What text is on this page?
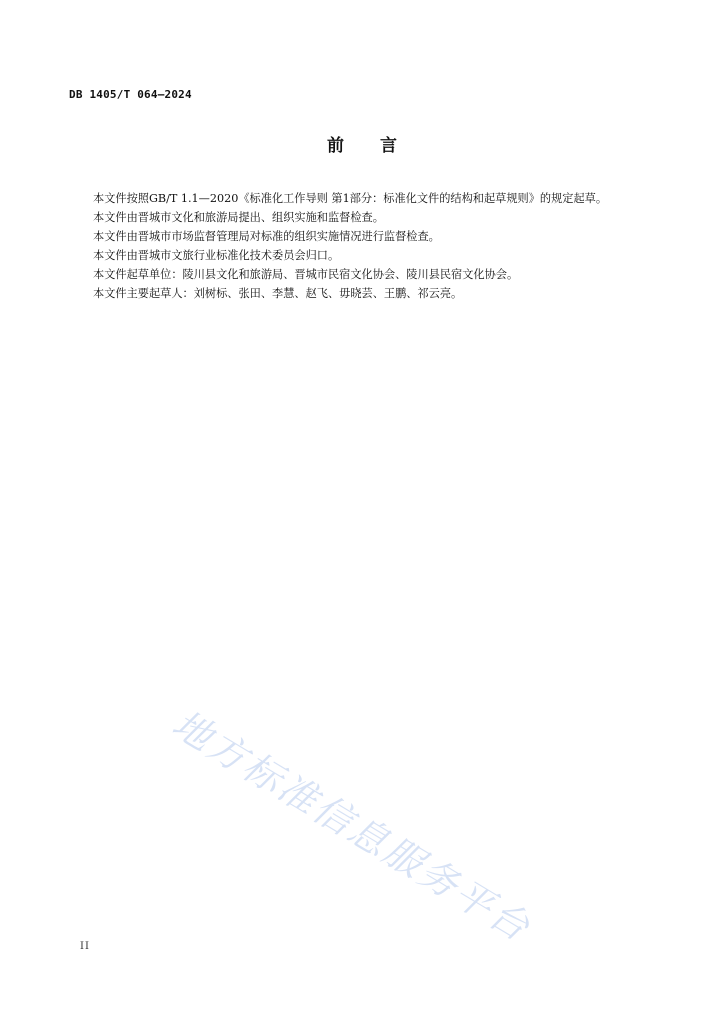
DB 1405/T 064—2024
前言

本文件按照GB/T 1.1—2020《标准化工作导则 第1部分：标准化文件的结构和起草规则》的规定起草。

本文件由晋城市文化和旅游局提出、组织实施和监督检查。

本文件由晋城市市场监督管理局对标准的组织实施情况进行监督检查。

本文件由晋城市文旅行业标准化技术委员会归口。

本文件起草单位：陵川县文化和旅游局、晋城市民宿文化协会、陵川县民宿文化协会。

本文件主要起草人：刘树标、张田、李慧、赵飞、毋晓芸、王鹏、祁云亮。

地方标准信息服务平台
II
